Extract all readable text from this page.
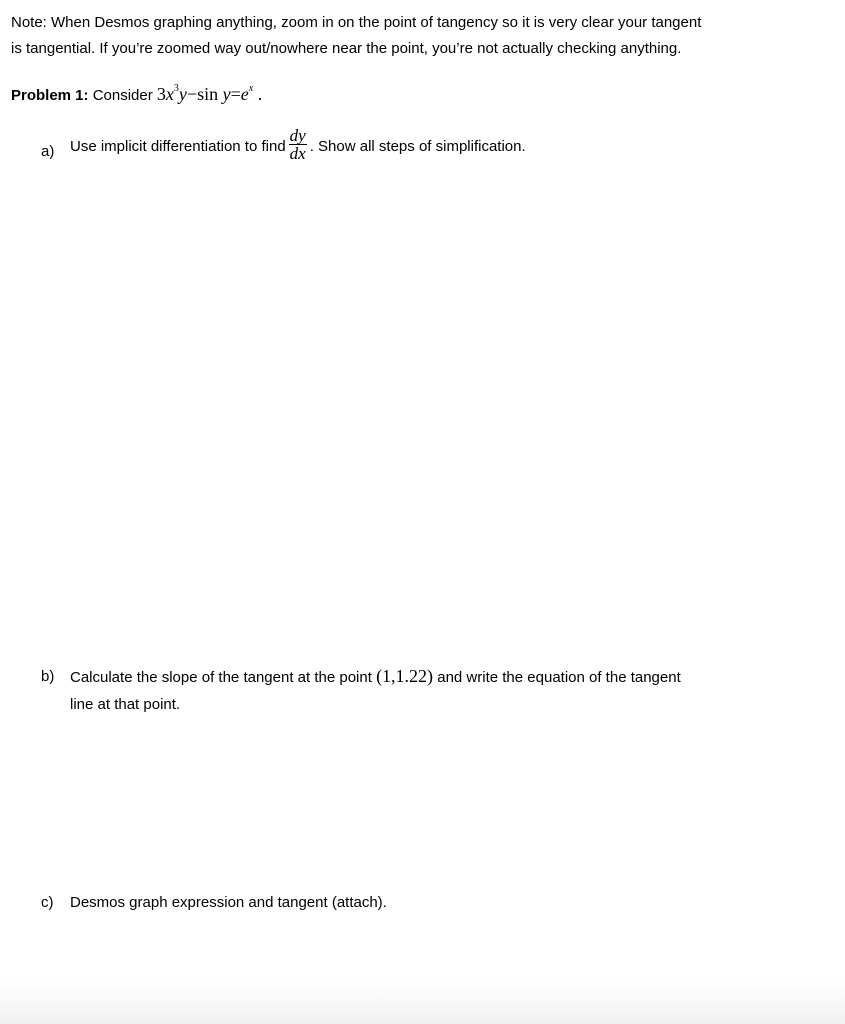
Note: When Desmos graphing anything, zoom in on the point of tangency so it is very clear your tangent
is tangential. If you’re zoomed way out/nowhere near the point, you’re not actually checking anything.
Problem 1: Consider $3x^3y-\sin$ $y=e^x$ .
a) Use implicit differentiation to find $\frac{dy}{dx}$ . Show all steps of simplification.
b) Calculate the slope of the tangent at the point (1,1.22) and write the equation of the tangent
line at that point.
c) Desmos graph expression and tangent (attach).
